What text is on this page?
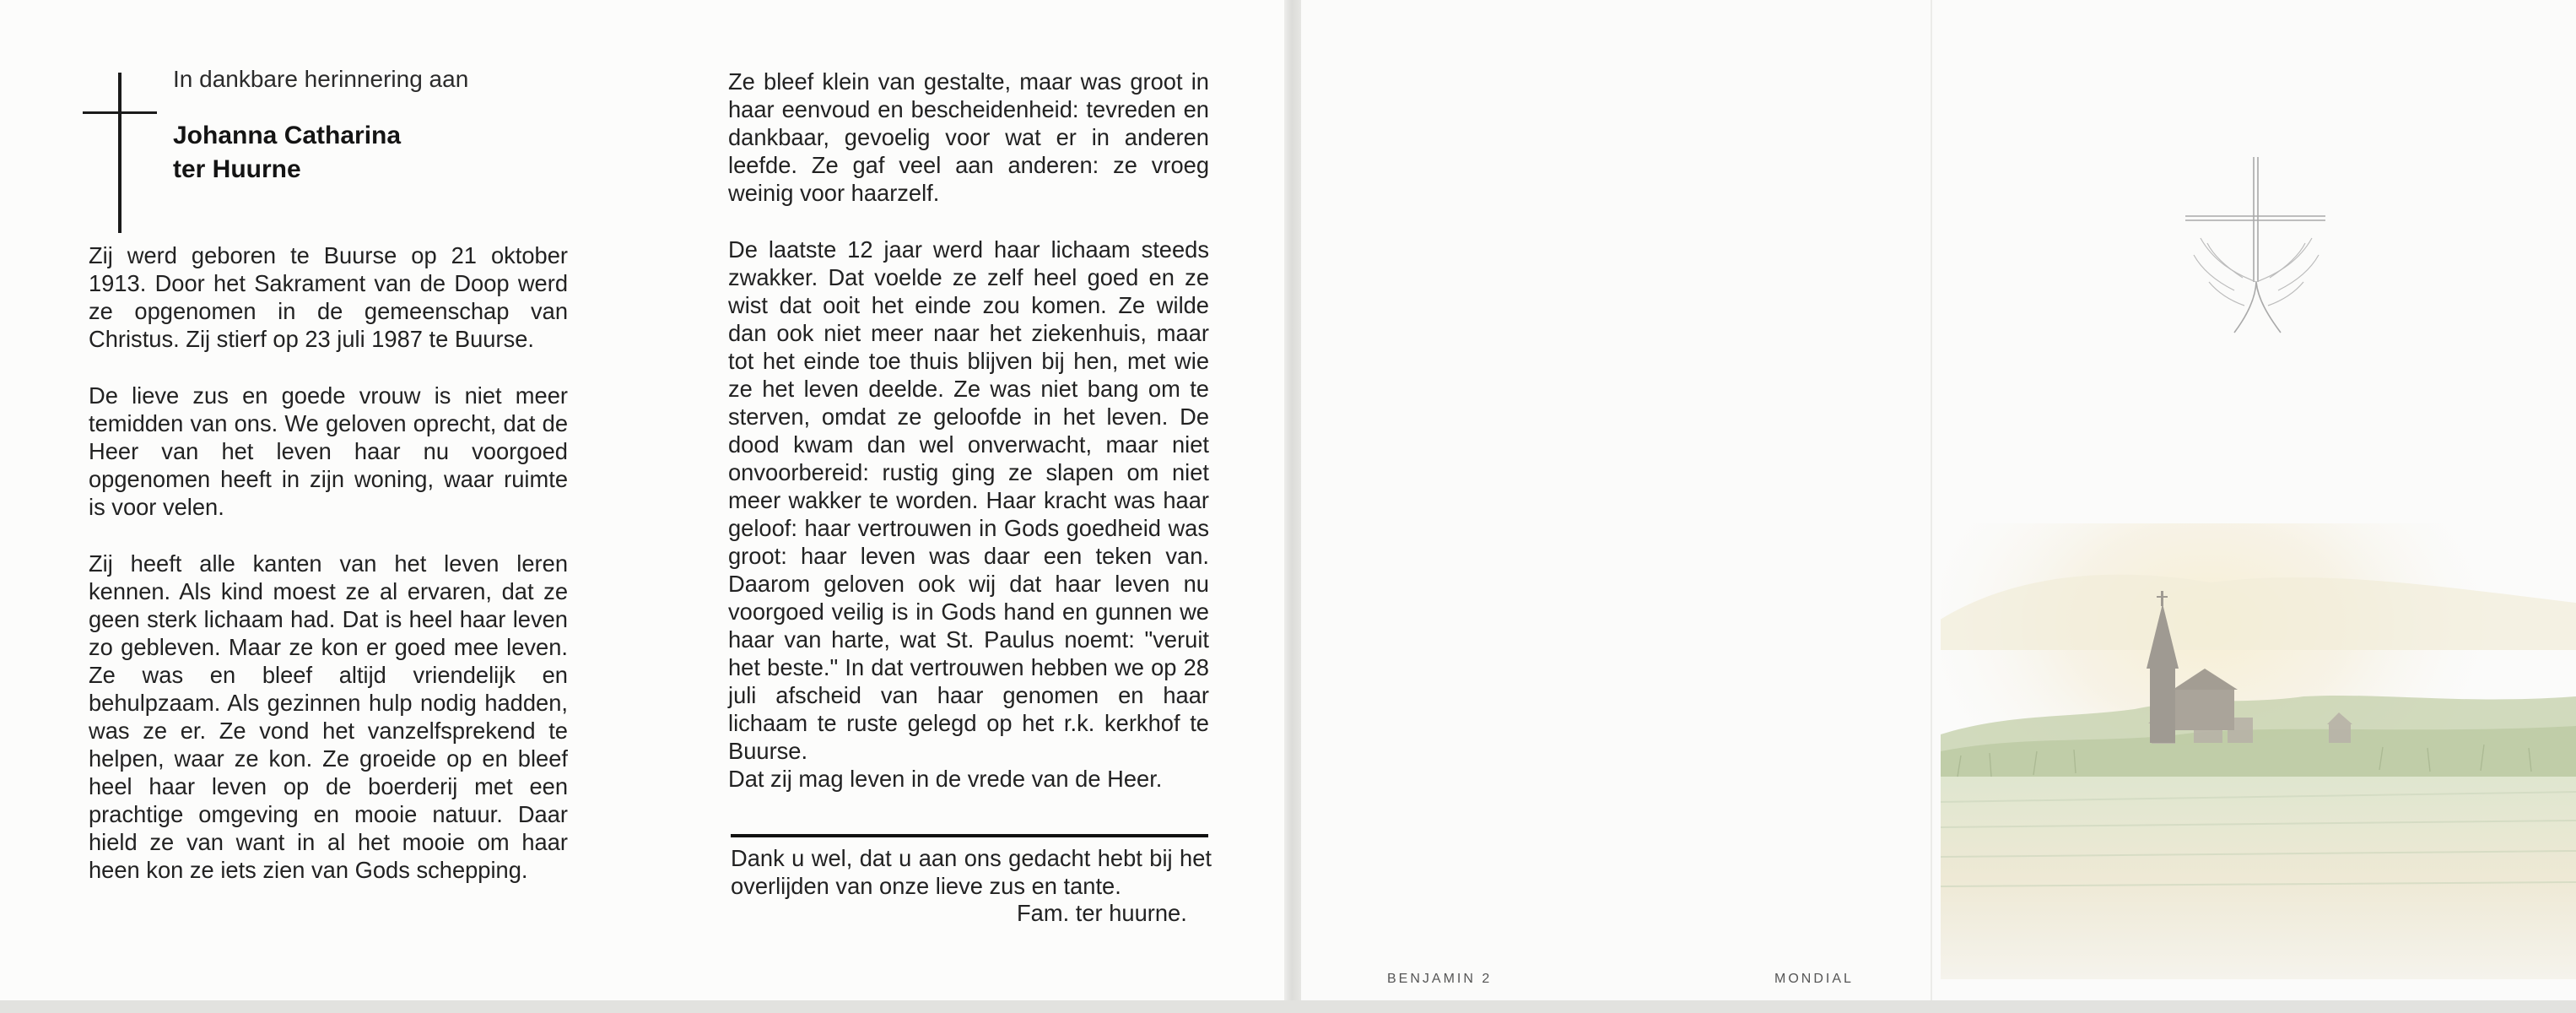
In dankbare herinnering aan
Johanna Catharina
ter Huurne

Zij werd geboren te Buurse op 21 oktober 1913. Door het Sakrament van de Doop werd ze opgenomen in de gemeenschap van Christus. Zij stierf op 23 juli 1987 te Buurse.

De lieve zus en goede vrouw is niet meer temidden van ons. We geloven oprecht, dat de Heer van het leven haar nu voorgoed opgenomen heeft in zijn woning, waar ruimte is voor velen.

Zij heeft alle kanten van het leven leren kennen. Als kind moest ze al ervaren, dat ze geen sterk lichaam had. Dat is heel haar leven zo gebleven. Maar ze kon er goed mee leven. Ze was en bleef altijd vriendelijk en behulpzaam. Als gezinnen hulp nodig hadden, was ze er. Ze vond het vanzelfsprekend te helpen, waar ze kon. Ze groeide op en bleef heel haar leven op de boerderij met een prachtige omgeving en mooie natuur. Daar hield ze van want in al het mooie om haar heen kon ze iets zien van Gods schepping.

Ze bleef klein van gestalte, maar was groot in haar eenvoud en bescheidenheid: tevreden en dankbaar, gevoelig voor wat er in anderen leefde. Ze gaf veel aan anderen: ze vroeg weinig voor haarzelf.

De laatste 12 jaar werd haar lichaam steeds zwakker. Dat voelde ze zelf heel goed en ze wist dat ooit het einde zou komen. Ze wilde dan ook niet meer naar het ziekenhuis, maar tot het einde toe thuis blijven bij hen, met wie ze het leven deelde. Ze was niet bang om te sterven, omdat ze geloofde in het leven. De dood kwam dan wel onverwacht, maar niet onvoorbereid: rustig ging ze slapen om niet meer wakker te worden. Haar kracht was haar geloof: haar vertrouwen in Gods goedheid was groot: haar leven was daar een teken van. Daarom geloven ook wij dat haar leven nu voorgoed veilig is in Gods hand en gunnen we haar van harte, wat St. Paulus noemt: "veruit het beste." In dat vertrouwen hebben we op 28 juli afscheid van haar genomen en haar lichaam te ruste gelegd op het r.k. kerkhof te Buurse.

Dat zij mag leven in de vrede van de Heer.

Dank u wel, dat u aan ons gedacht hebt bij het overlijden van onze lieve zus en tante.

Fam. ter huurne.
BENJAMIN 2	MONDIAL
